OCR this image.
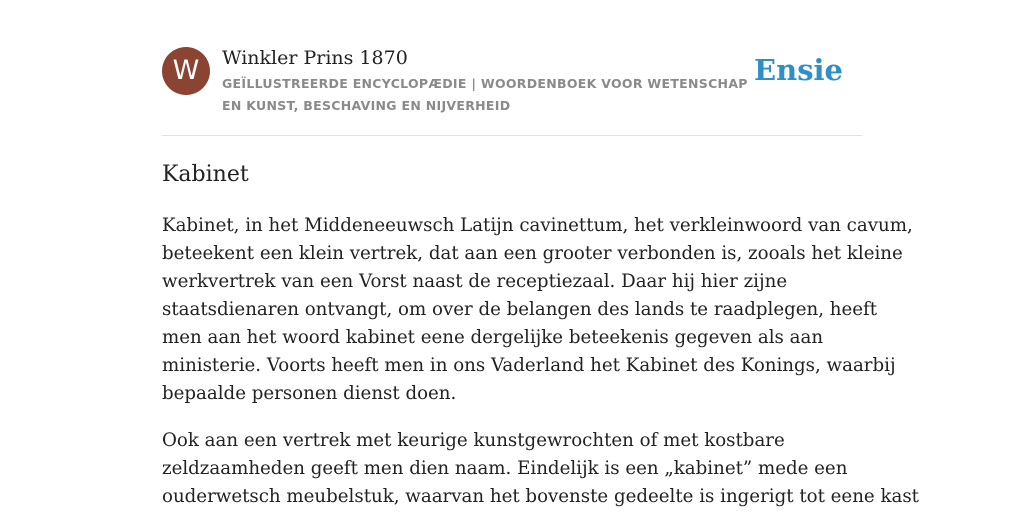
W	Winkler Prins 1870
GEÏLLUSTREERDE ENCYCLOPÆDIE | WOORDENBOEK VOOR WETENSCHAP EN KUNST, BESCHAVING EN NIJVERHEID
Ensie
Kabinet

Kabinet, in het Middeneeuwsch Latijn cavinettum, het verkleinwoord van cavum,
beteekent een klein vertrek, dat aan een grooter verbonden is, zooals het kleine
werkvertrek van een Vorst naast de receptiezaal. Daar hij hier zijne
staatsdienaren ontvangt, om over de belangen des lands te raadplegen, heeft
men aan het woord kabinet eene dergelijke beteekenis gegeven als aan
ministerie. Voorts heeft men in ons Vaderland het Kabinet des Konings, waarbij
bepaalde personen dienst doen.

Ook aan een vertrek met keurige kunstgewrochten of met kostbare
zeldzaamheden geeft men dien naam. Eindelijk is een „kabinet” mede een
ouderwetsch meubelstuk, waarvan het bovenste gedeelte is ingerigt tot eene kast
